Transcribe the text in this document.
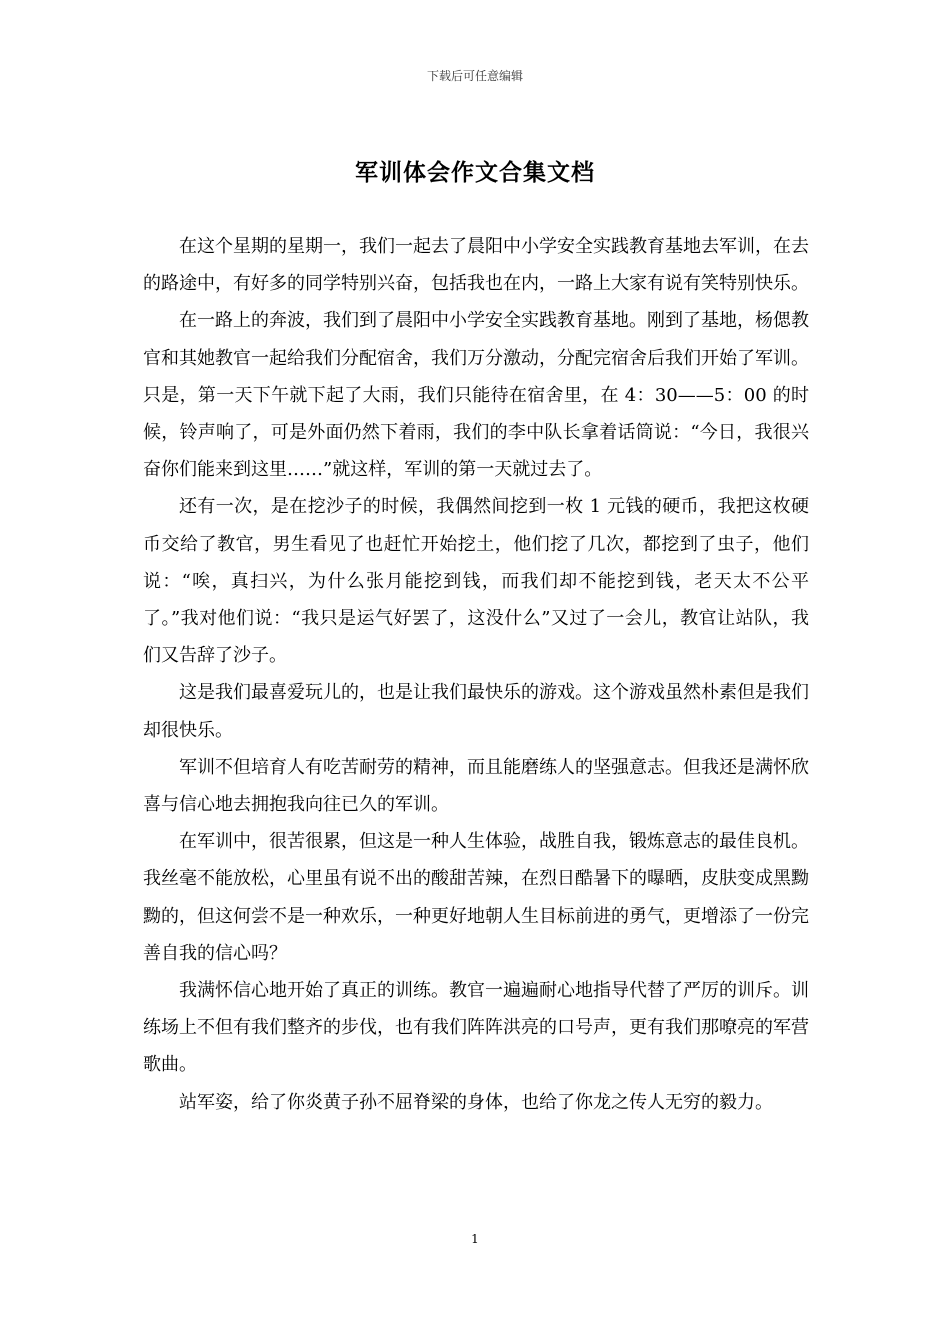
下载后可任意编辑
军训体会作文合集文档

在这个星期的星期一，我们一起去了晨阳中小学安全实践教育基地去军训，在去的路途中，有好多的同学特别兴奋，包括我也在内，一路上大家有说有笑特别快乐。

在一路上的奔波，我们到了晨阳中小学安全实践教育基地。刚到了基地，杨偲教官和其她教官一起给我们分配宿舍，我们万分激动，分配完宿舍后我们开始了军训。只是，第一天下午就下起了大雨，我们只能待在宿舍里，在 4：30——5：00 的时候，铃声响了，可是外面仍然下着雨，我们的李中队长拿着话筒说：“今日，我很兴奋你们能来到这里……”就这样，军训的第一天就过去了。

还有一次，是在挖沙子的时候，我偶然间挖到一枚 1 元钱的硬币，我把这枚硬币交给了教官，男生看见了也赶忙开始挖土，他们挖了几次，都挖到了虫子，他们说：“唉，真扫兴，为什么张月能挖到钱，而我们却不能挖到钱，老天太不公平了。”我对他们说：“我只是运气好罢了，这没什么”又过了一会儿，教官让站队，我们又告辞了沙子。

这是我们最喜爱玩儿的，也是让我们最快乐的游戏。这个游戏虽然朴素但是我们却很快乐。

军训不但培育人有吃苦耐劳的精神，而且能磨练人的坚强意志。但我还是满怀欣喜与信心地去拥抱我向往已久的军训。

在军训中，很苦很累，但这是一种人生体验，战胜自我，锻炼意志的最佳良机。我丝毫不能放松，心里虽有说不出的酸甜苦辣，在烈日酷暑下的曝晒，皮肤变成黑黝黝的，但这何尝不是一种欢乐，一种更好地朝人生目标前进的勇气，更增添了一份完善自我的信心吗？

我满怀信心地开始了真正的训练。教官一遍遍耐心地指导代替了严厉的训斥。训练场上不但有我们整齐的步伐，也有我们阵阵洪亮的口号声，更有我们那嘹亮的军营歌曲。

站军姿，给了你炎黄子孙不屈脊梁的身体，也给了你龙之传人无穷的毅力。

1
